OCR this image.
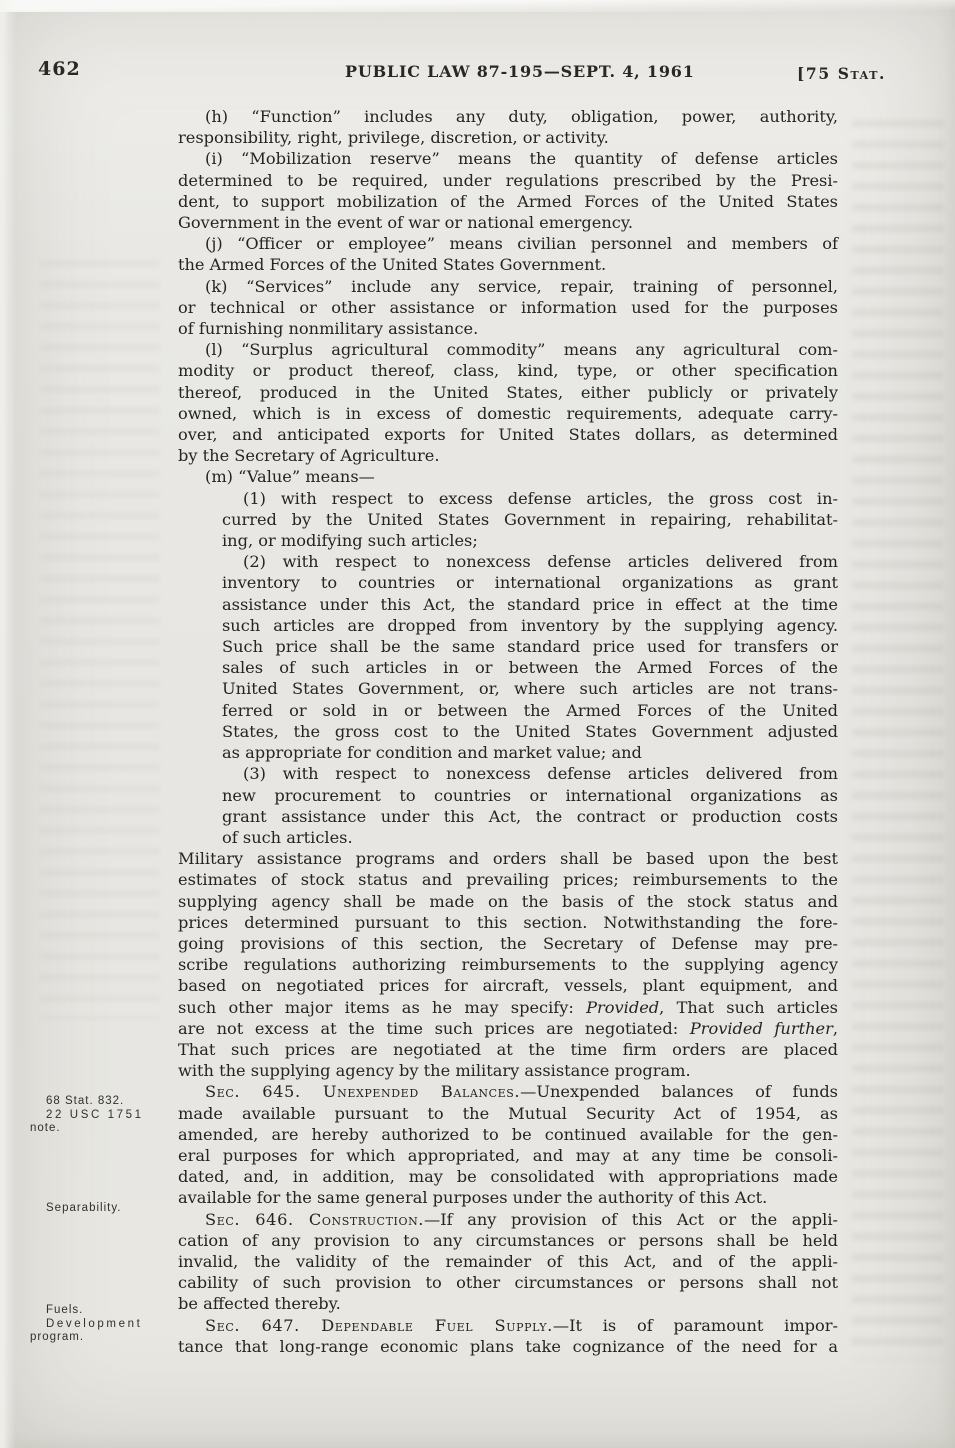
462	PUBLIC LAW 87-195—SEPT. 4, 1961	[75 Stat.
68 Stat. 832.
22 USC 1751
note.
Separability.
Fuels.
Development
program.
(h) “Function” includes any duty, obligation, power, authority,
responsibility, right, privilege, discretion, or activity.
(i) “Mobilization reserve” means the quantity of defense articles
determined to be required, under regulations prescribed by the Presi-
dent, to support mobilization of the Armed Forces of the United States
Government in the event of war or national emergency.
(j) “Officer or employee” means civilian personnel and members of
the Armed Forces of the United States Government.
(k) “Services” include any service, repair, training of personnel,
or technical or other assistance or information used for the purposes
of furnishing nonmilitary assistance.
(l) “Surplus agricultural commodity” means any agricultural com-
modity or product thereof, class, kind, type, or other specification
thereof, produced in the United States, either publicly or privately
owned, which is in excess of domestic requirements, adequate carry-
over, and anticipated exports for United States dollars, as determined
by the Secretary of Agriculture.
(m) “Value” means—
(1) with respect to excess defense articles, the gross cost in-
curred by the United States Government in repairing, rehabilitat-
ing, or modifying such articles;
(2) with respect to nonexcess defense articles delivered from
inventory to countries or international organizations as grant
assistance under this Act, the standard price in effect at the time
such articles are dropped from inventory by the supplying agency.
Such price shall be the same standard price used for transfers or
sales of such articles in or between the Armed Forces of the
United States Government, or, where such articles are not trans-
ferred or sold in or between the Armed Forces of the United
States, the gross cost to the United States Government adjusted
as appropriate for condition and market value; and
(3) with respect to nonexcess defense articles delivered from
new procurement to countries or international organizations as
grant assistance under this Act, the contract or production costs
of such articles.
Military assistance programs and orders shall be based upon the best
estimates of stock status and prevailing prices; reimbursements to the
supplying agency shall be made on the basis of the stock status and
prices determined pursuant to this section. Notwithstanding the fore-
going provisions of this section, the Secretary of Defense may pre-
scribe regulations authorizing reimbursements to the supplying agency
based on negotiated prices for aircraft, vessels, plant equipment, and
such other major items as he may specify: Provided, That such articles
are not excess at the time such prices are negotiated: Provided further,
That such prices are negotiated at the time firm orders are placed
with the supplying agency by the military assistance program.
Sec. 645. Unexpended Balances.—Unexpended balances of funds
made available pursuant to the Mutual Security Act of 1954, as
amended, are hereby authorized to be continued available for the gen-
eral purposes for which appropriated, and may at any time be consoli-
dated, and, in addition, may be consolidated with appropriations made
available for the same general purposes under the authority of this Act.
Sec. 646. Construction.—If any provision of this Act or the appli-
cation of any provision to any circumstances or persons shall be held
invalid, the validity of the remainder of this Act, and of the appli-
cability of such provision to other circumstances or persons shall not
be affected thereby.
Sec. 647. Dependable Fuel Supply.—It is of paramount impor-
tance that long-range economic plans take cognizance of the need for a
